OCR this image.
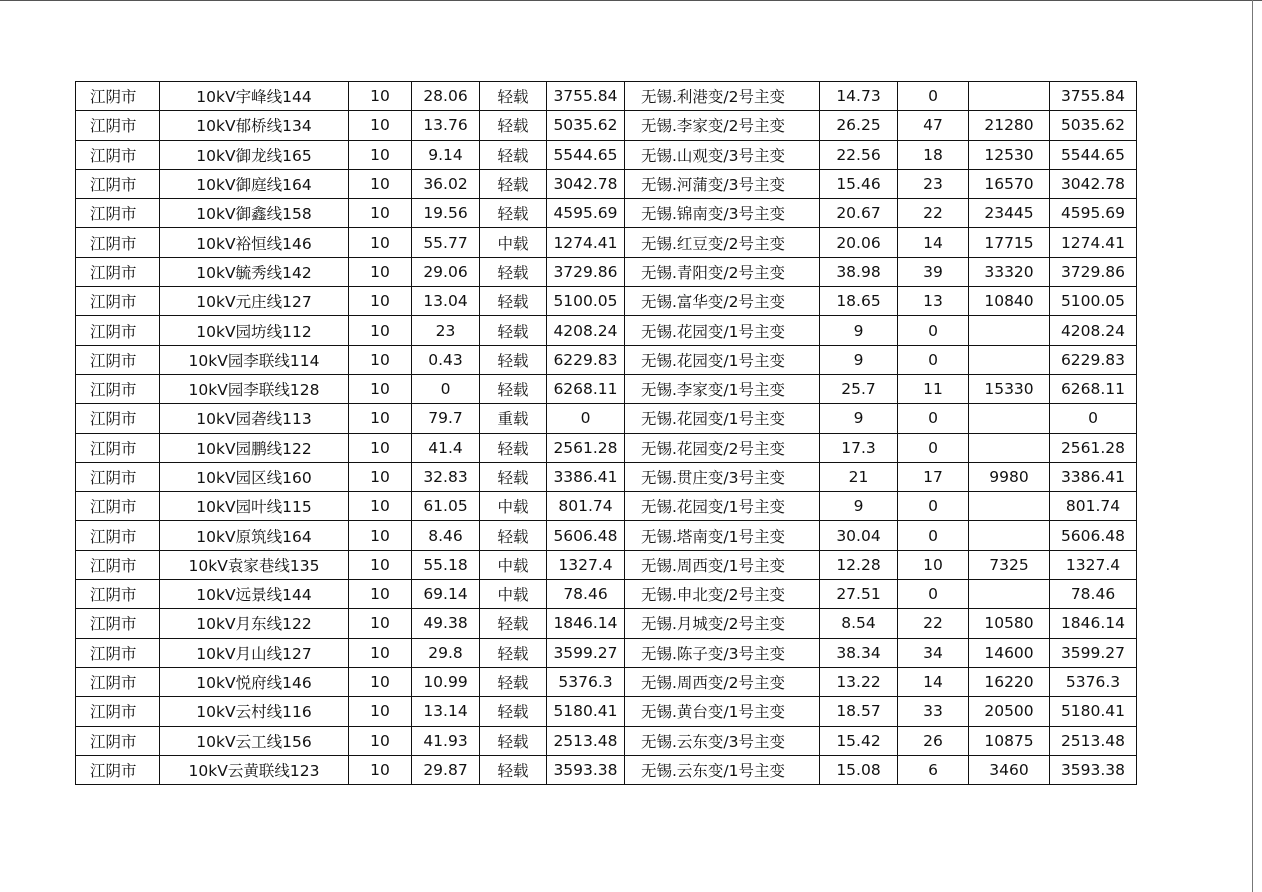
江阴市	10kV宇峰线144	10	28.06	轻载	3755.84	无锡.利港变/2号主变	14.73	0		3755.84
江阴市	10kV郁桥线134	10	13.76	轻载	5035.62	无锡.李家变/2号主变	26.25	47	21280	5035.62
江阴市	10kV御龙线165	10	9.14	轻载	5544.65	无锡.山观变/3号主变	22.56	18	12530	5544.65
江阴市	10kV御庭线164	10	36.02	轻载	3042.78	无锡.河蒲变/3号主变	15.46	23	16570	3042.78
江阴市	10kV御鑫线158	10	19.56	轻载	4595.69	无锡.锦南变/3号主变	20.67	22	23445	4595.69
江阴市	10kV裕恒线146	10	55.77	中载	1274.41	无锡.红豆变/2号主变	20.06	14	17715	1274.41
江阴市	10kV毓秀线142	10	29.06	轻载	3729.86	无锡.青阳变/2号主变	38.98	39	33320	3729.86
江阴市	10kV元庄线127	10	13.04	轻载	5100.05	无锡.富华变/2号主变	18.65	13	10840	5100.05
江阴市	10kV园坊线112	10	23	轻载	4208.24	无锡.花园变/1号主变	9	0		4208.24
江阴市	10kV园李联线114	10	0.43	轻载	6229.83	无锡.花园变/1号主变	9	0		6229.83
江阴市	10kV园李联线128	10	0	轻载	6268.11	无锡.李家变/1号主变	25.7	11	15330	6268.11
江阴市	10kV园砻线113	10	79.7	重载	0	无锡.花园变/1号主变	9	0		0
江阴市	10kV园鹏线122	10	41.4	轻载	2561.28	无锡.花园变/2号主变	17.3	0		2561.28
江阴市	10kV园区线160	10	32.83	轻载	3386.41	无锡.贯庄变/3号主变	21	17	9980	3386.41
江阴市	10kV园叶线115	10	61.05	中载	801.74	无锡.花园变/1号主变	9	0		801.74
江阴市	10kV原筑线164	10	8.46	轻载	5606.48	无锡.塔南变/1号主变	30.04	0		5606.48
江阴市	10kV袁家巷线135	10	55.18	中载	1327.4	无锡.周西变/1号主变	12.28	10	7325	1327.4
江阴市	10kV远景线144	10	69.14	中载	78.46	无锡.申北变/2号主变	27.51	0		78.46
江阴市	10kV月东线122	10	49.38	轻载	1846.14	无锡.月城变/2号主变	8.54	22	10580	1846.14
江阴市	10kV月山线127	10	29.8	轻载	3599.27	无锡.陈子变/3号主变	38.34	34	14600	3599.27
江阴市	10kV悦府线146	10	10.99	轻载	5376.3	无锡.周西变/2号主变	13.22	14	16220	5376.3
江阴市	10kV云村线116	10	13.14	轻载	5180.41	无锡.黄台变/1号主变	18.57	33	20500	5180.41
江阴市	10kV云工线156	10	41.93	轻载	2513.48	无锡.云东变/3号主变	15.42	26	10875	2513.48
江阴市	10kV云黄联线123	10	29.87	轻载	3593.38	无锡.云东变/1号主变	15.08	6	3460	3593.38
